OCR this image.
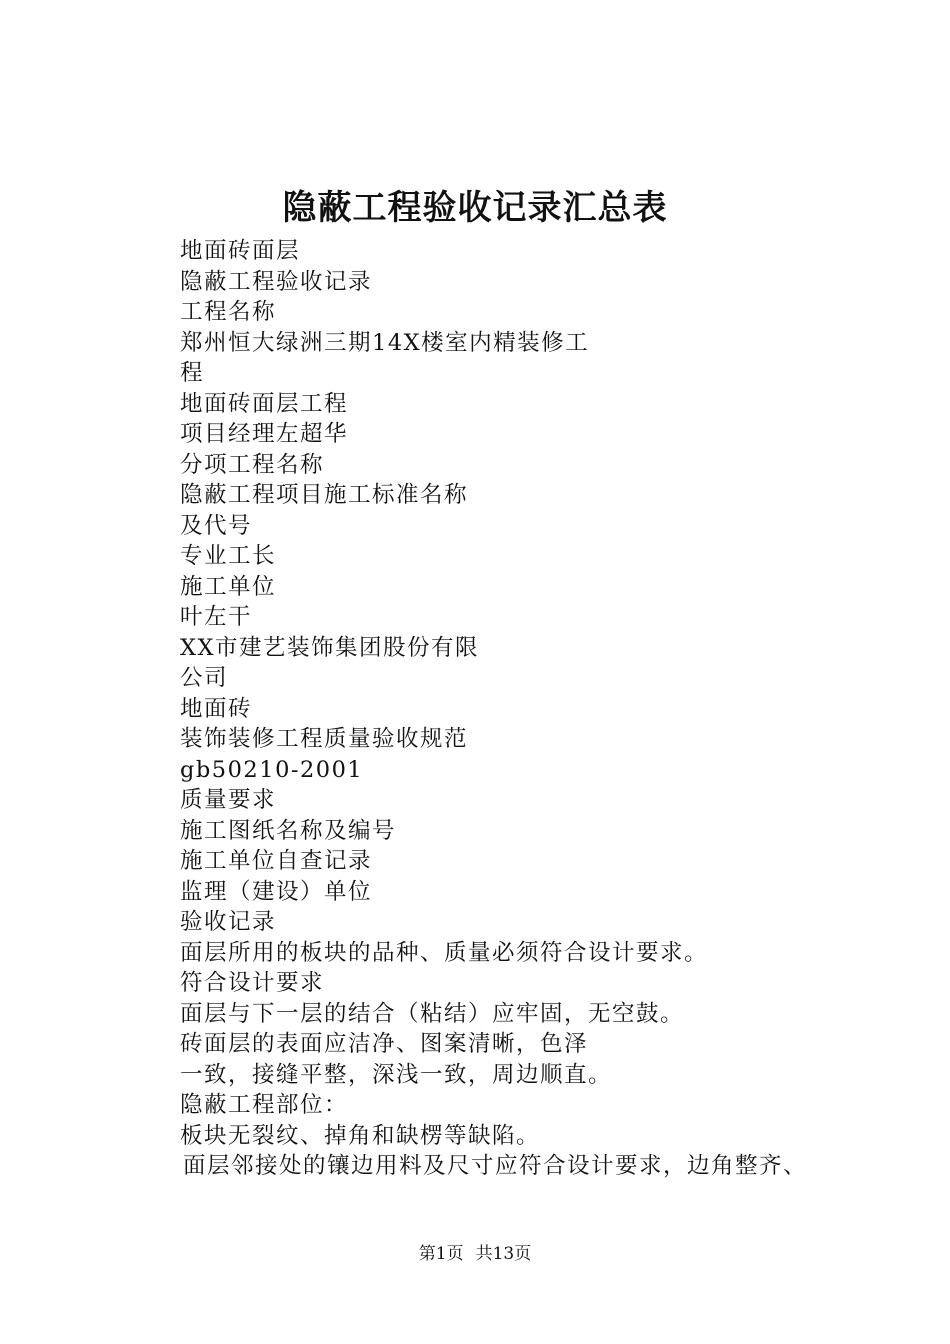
隐蔽工程验收记录汇总表
地面砖面层
隐蔽工程验收记录
工程名称
郑州恒大绿洲三期14X楼室内精装修工
程
地面砖面层工程
项目经理左超华
分项工程名称
隐蔽工程项目施工标准名称
及代号
专业工长
施工单位
叶左干
XX市建艺装饰集团股份有限
公司
地面砖
装饰装修工程质量验收规范
gb50210-2001
质量要求
施工图纸名称及编号
施工单位自查记录
监理（建设）单位
验收记录
面层所用的板块的品种、质量必须符合设计要求。
符合设计要求
面层与下一层的结合（粘结）应牢固，无空鼓。
砖面层的表面应洁净、图案清晰，色泽
一致，接缝平整，深浅一致，周边顺直。
隐蔽工程部位：
板块无裂纹、掉角和缺楞等缺陷。
面层邻接处的镶边用料及尺寸应符合设计要求，边角整齐、
第1页 共13页
